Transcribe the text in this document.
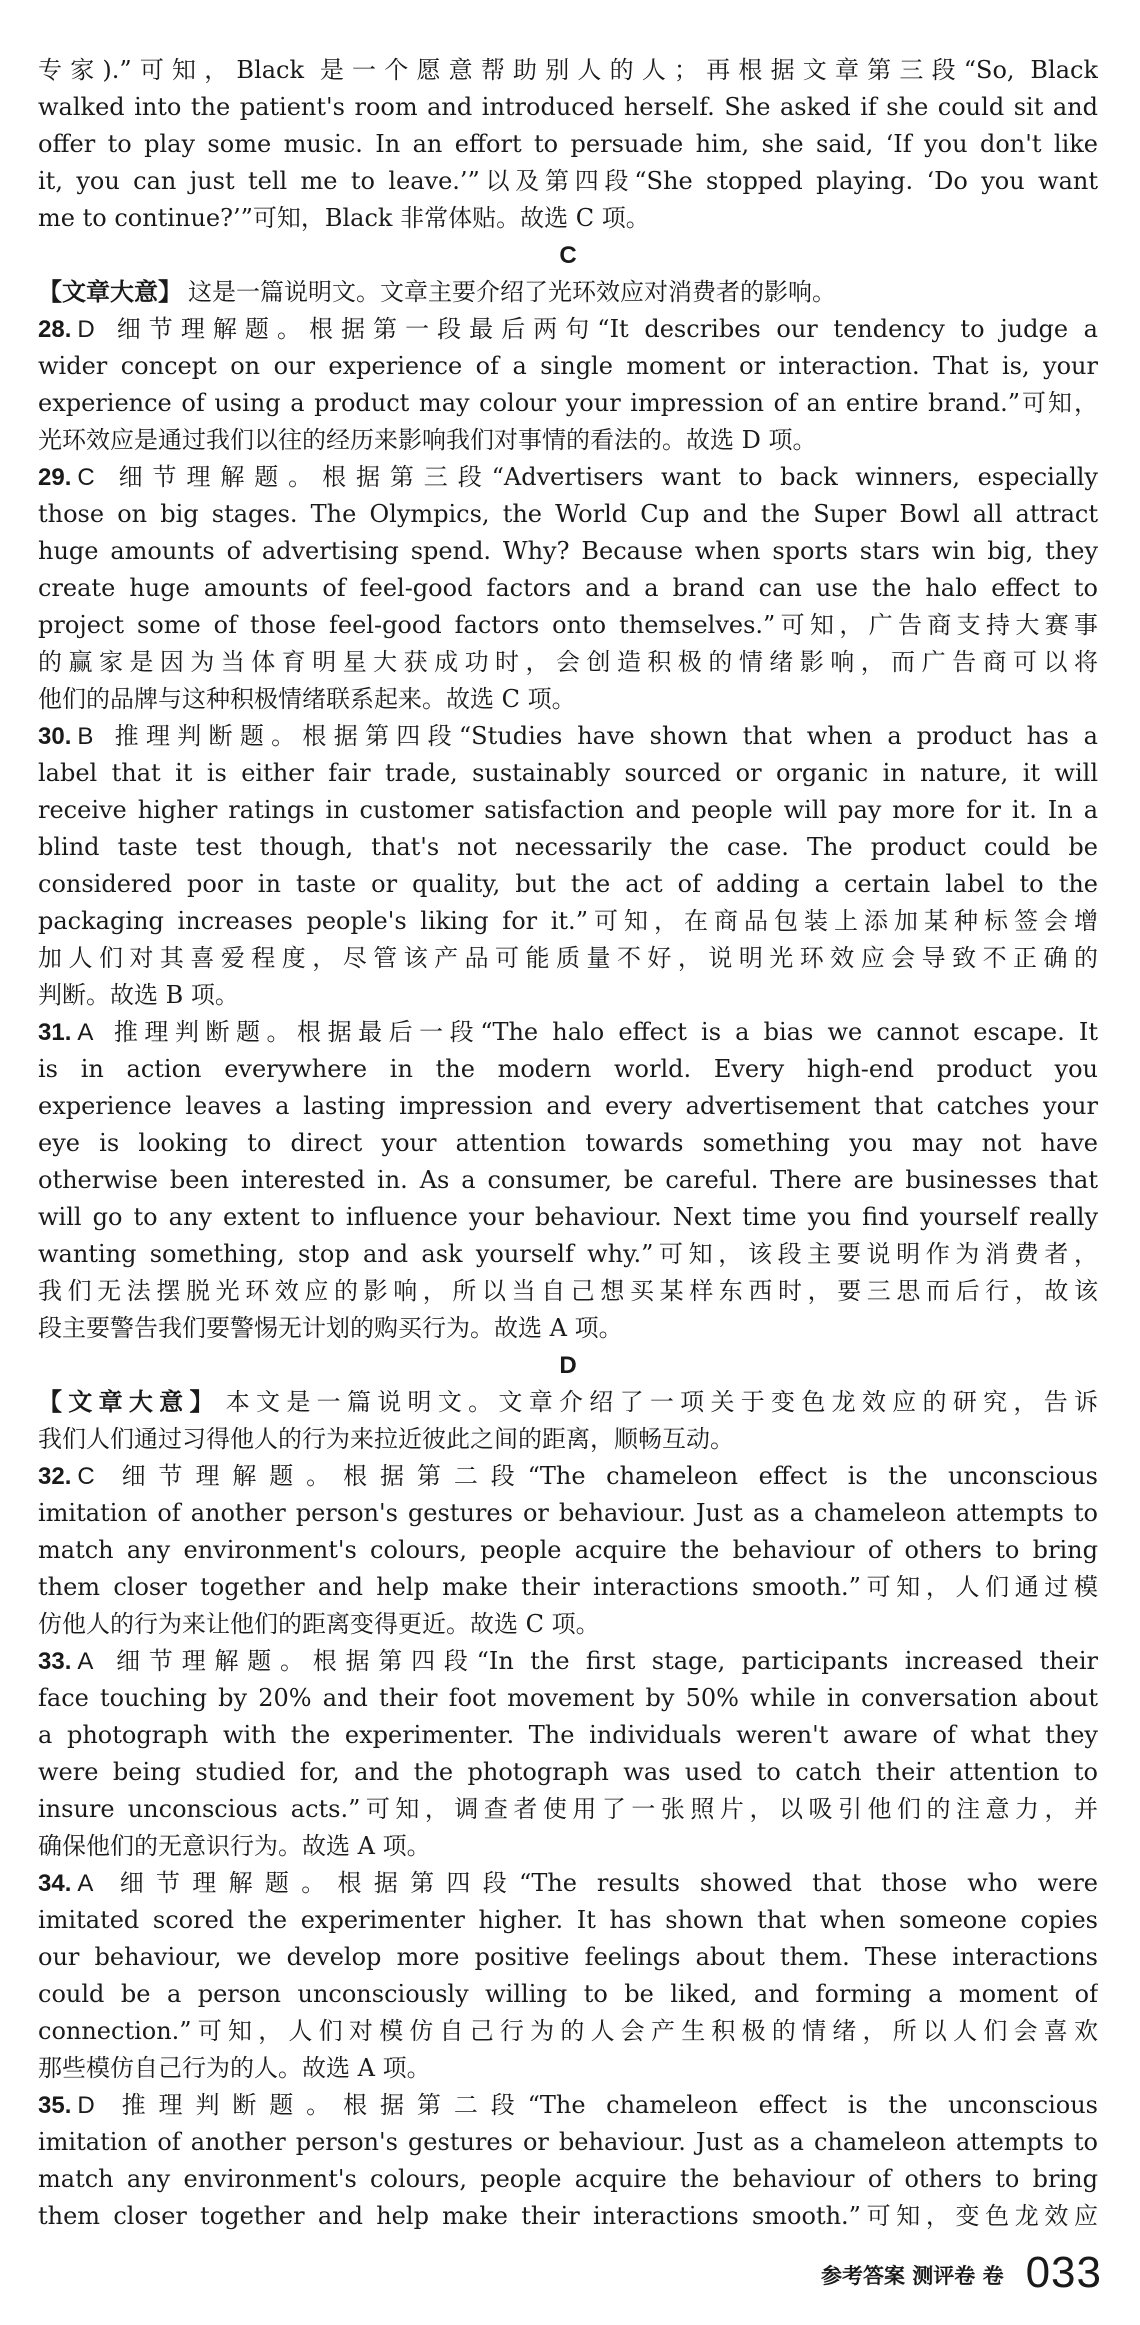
专家).”可知，Black 是一个愿意帮助别人的人；再根据文章第三段“So, Black

walked into the patient's room and introduced herself. She asked if she could sit and

offer to play some music. In an effort to persuade him, she said, ‘If you don't like

it, you can just tell me to leave.’”以及第四段“She stopped playing. ‘Do you want

me to continue?’”可知，Black 非常体贴。故选 C 项。

C

【文章大意】 这是一篇说明文。文章主要介绍了光环效应对消费者的影响。

28. D 细节理解题。根据第一段最后两句“It describes our tendency to judge a

wider concept on our experience of a single moment or interaction. That is, your

experience of using a product may colour your impression of an entire brand.”可知，

光环效应是通过我们以往的经历来影响我们对事情的看法的。故选 D 项。

29. C 细节理解题。根据第三段“Advertisers want to back winners, especially

those on big stages. The Olympics, the World Cup and the Super Bowl all attract

huge amounts of advertising spend. Why? Because when sports stars win big, they

create huge amounts of feel-good factors and a brand can use the halo effect to

project some of those feel-good factors onto themselves.”可知，广告商支持大赛事

的赢家是因为当体育明星大获成功时，会创造积极的情绪影响，而广告商可以将

他们的品牌与这种积极情绪联系起来。故选 C 项。

30. B 推理判断题。根据第四段“Studies have shown that when a product has a

label that it is either fair trade, sustainably sourced or organic in nature, it will

receive higher ratings in customer satisfaction and people will pay more for it. In a

blind taste test though, that's not necessarily the case. The product could be

considered poor in taste or quality, but the act of adding a certain label to the

packaging increases people's liking for it.”可知，在商品包装上添加某种标签会增

加人们对其喜爱程度，尽管该产品可能质量不好，说明光环效应会导致不正确的

判断。故选 B 项。

31. A 推理判断题。根据最后一段“The halo effect is a bias we cannot escape. It

is in action everywhere in the modern world. Every high-end product you

experience leaves a lasting impression and every advertisement that catches your

eye is looking to direct your attention towards something you may not have

otherwise been interested in. As a consumer, be careful. There are businesses that

will go to any extent to influence your behaviour. Next time you find yourself really

wanting something, stop and ask yourself why.”可知，该段主要说明作为消费者，

我们无法摆脱光环效应的影响，所以当自己想买某样东西时，要三思而后行，故该

段主要警告我们要警惕无计划的购买行为。故选 A 项。

D

【文章大意】 本文是一篇说明文。文章介绍了一项关于变色龙效应的研究，告诉

我们人们通过习得他人的行为来拉近彼此之间的距离，顺畅互动。

32. C 细节理解题。根据第二段“The chameleon effect is the unconscious

imitation of another person's gestures or behaviour. Just as a chameleon attempts to

match any environment's colours, people acquire the behaviour of others to bring

them closer together and help make their interactions smooth.”可知，人们通过模

仿他人的行为来让他们的距离变得更近。故选 C 项。

33. A 细节理解题。根据第四段“In the first stage, participants increased their

face touching by 20% and their foot movement by 50% while in conversation about

a photograph with the experimenter. The individuals weren't aware of what they

were being studied for, and the photograph was used to catch their attention to

insure unconscious acts.”可知，调查者使用了一张照片，以吸引他们的注意力，并

确保他们的无意识行为。故选 A 项。

34. A 细节理解题。根据第四段“The results showed that those who were

imitated scored the experimenter higher. It has shown that when someone copies

our behaviour, we develop more positive feelings about them. These interactions

could be a person unconsciously willing to be liked, and forming a moment of

connection.”可知，人们对模仿自己行为的人会产生积极的情绪，所以人们会喜欢

那些模仿自己行为的人。故选 A 项。

35. D 推理判断题。根据第二段“The chameleon effect is the unconscious

imitation of another person's gestures or behaviour. Just as a chameleon attempts to

match any environment's colours, people acquire the behaviour of others to bring

them closer together and help make their interactions smooth.”可知，变色龙效应

参考答案 测评卷 卷 033
